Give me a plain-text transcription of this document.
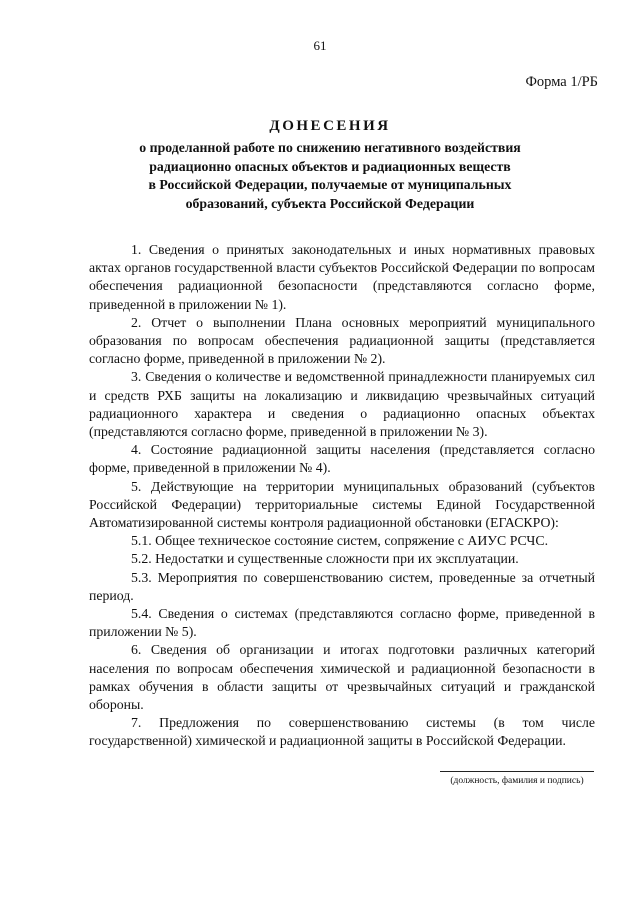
61
Форма 1/РБ
ДОНЕСЕНИЯ
о проделанной работе по снижению негативного воздействия
радиационно опасных объектов и радиационных веществ
в Российской Федерации, получаемые от муниципальных
образований, субъекта Российской Федерации

1. Сведения о принятых законодательных и иных нормативных правовых актах органов государственной власти субъектов Российской Федерации по вопросам обеспечения радиационной безопасности (представляются согласно форме, приведенной в приложении № 1).

2. Отчет о выполнении Плана основных мероприятий муниципального образования по вопросам обеспечения радиационной защиты (представляется согласно форме, приведенной в приложении № 2).

3. Сведения о количестве и ведомственной принадлежности планируемых сил и средств РХБ защиты на локализацию и ликвидацию чрезвычайных ситуаций радиационного характера и сведения о радиационно опасных объектах (представляются согласно форме, приведенной в приложении № 3).

4. Состояние радиационной защиты населения (представляется согласно форме, приведенной в приложении № 4).

5. Действующие на территории муниципальных образований (субъектов Российской Федерации) территориальные системы Единой Государственной Автоматизированной системы контроля радиационной обстановки (ЕГАСКРО):

5.1. Общее техническое состояние систем, сопряжение с АИУС РСЧС.

5.2. Недостатки и существенные сложности при их эксплуатации.

5.3. Мероприятия по совершенствованию систем, проведенные за отчетный период.

5.4. Сведения о системах (представляются согласно форме, приведенной в приложении № 5).

6. Сведения об организации и итогах подготовки различных категорий населения по вопросам обеспечения химической и радиационной безопасности в рамках обучения в области защиты от чрезвычайных ситуаций и гражданской обороны.

7. Предложения по совершенствованию системы (в том числе государственной) химической и радиационной защиты в Российской Федерации.

(должность, фамилия и подпись)
